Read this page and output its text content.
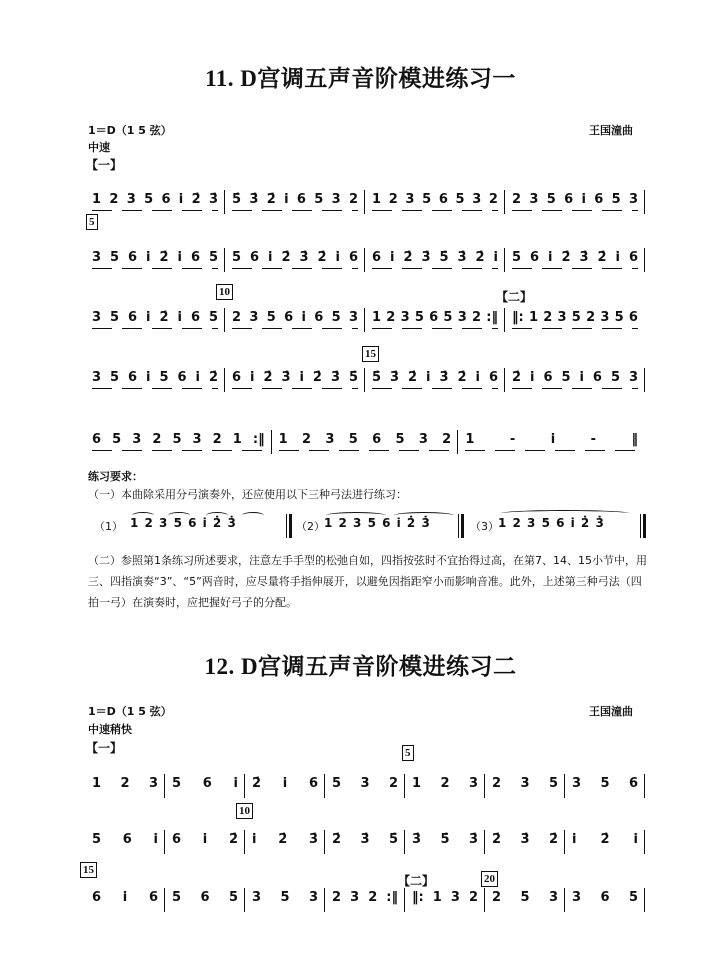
11. D宫调五声音阶模进练习一
1＝D（1 5 弦）	王国潼曲
中速
【一】
1 2 3 5 6 i 2̇ 3̇ 5̇ 3̇ 2̇ i 6 5 3 2 1 2 3 5 6 5 3 2 2 3 5 6 i 6 5 3
3 5 6 i 2̇ i 6 5 5 6 i 2̇ 3̇ 2̇ i 6 6 i 2̇ 3̇ 5̇ 3̇ 2̇ i 5 6 i 2̇ 3̇ 2̇ i 6
3 5 6 i 2̇ i 6 5 2 3 5 6 i 6 5 3 1 2 3 5 6 5 3 2 :‖ ‖: 1 2 3 5 2 3 5 6
3 5 6 i 5 6 i 2̇ 6 i 2̇ 3̇ i 2̇ 3̇ 5̇ 5̇ 3̇ 2̇ i 3̇ 2̇ i 6 2̇ i 6 5 i 6 5 3
6 5 3 2 5 3 2 1 :‖ 1 2 3 5 6 5 3 2 1	-	i	-	‖
5
10
15
练习要求：
（一）本曲除采用分弓演奏外，还应使用以下三种弓法进行练习：
（1） 1 2 3 5 6 i 2̇ 3̇	（2） 1 2 3 5 6 i 2̇ 3̇	（3） 1 2 3 5 6 i 2̇ 3̇
（二）参照第1条练习所述要求，注意左手手型的松弛自如，四指按弦时不宜抬得过高，在第7、14、15小节中，用三、四指演奏“3̇”、“5̇”两音时，应尽量将手指伸展开，以避免因指距窄小而影响音准。此外，上述第三种弓法（四拍一弓）在演奏时，应把握好弓子的分配。
12. D宫调五声音阶模进练习二
1＝D（1 5 弦）	王国潼曲
中速稍快
【一】
1 2 3 5 6 i 2̇ i 6 5 3 2 1 2 3 2 3 5 3 5 6
5 6 i 6 i 2̇ i 2̇ 3̇ 2̇ 3̇ 5̇ 3̇ 5̇ 3̇ 2̇ 3̇ 2̇ i 2̇ i
6 i 6 5 6 5 3 5 3 2 3 2 :‖ ‖: 1 3 2 2 5 3 3 6 5
5
10
15
20
【二】
【二】
